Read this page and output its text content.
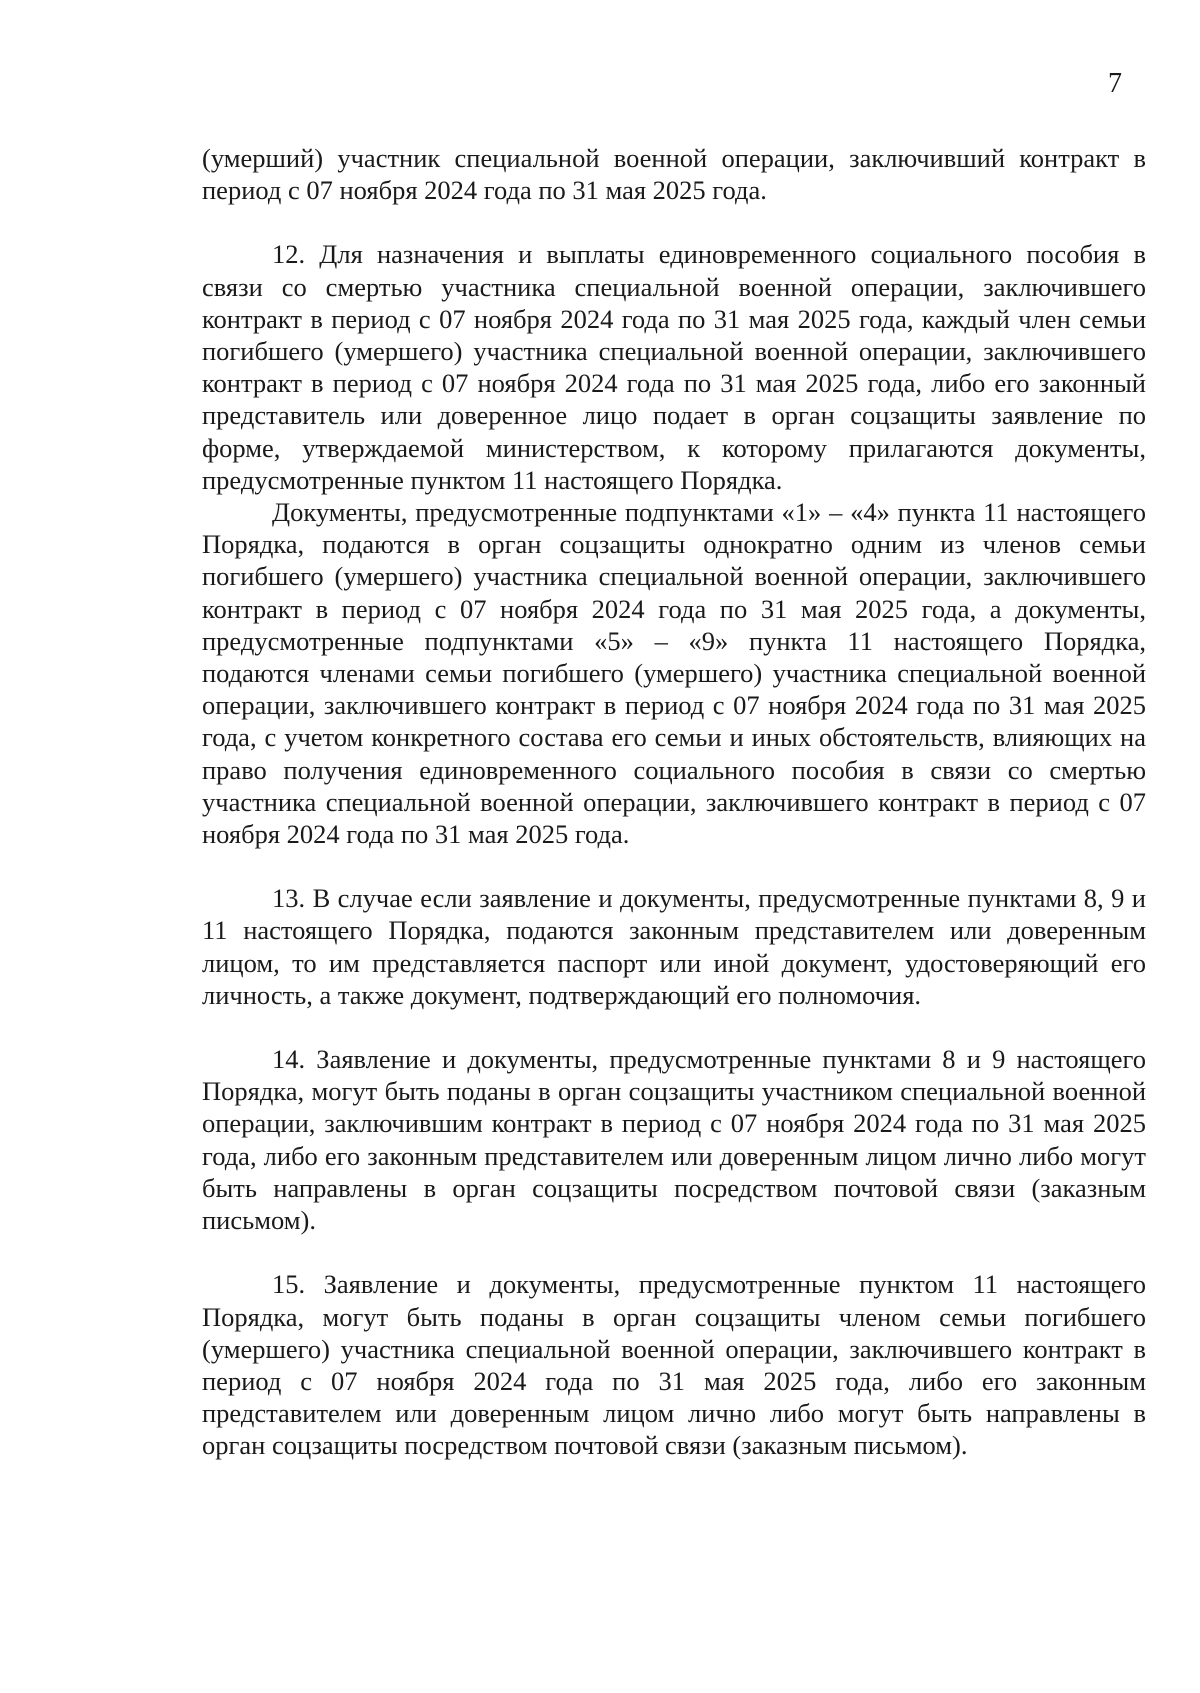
7

(умерший) участник специальной военной операции, заключивший контракт в период с 07 ноября 2024 года по 31 мая 2025 года.

12. Для назначения и выплаты единовременного социального пособия в связи со смертью участника специальной военной операции, заключившего контракт в период с 07 ноября 2024 года по 31 мая 2025 года, каждый член семьи погибшего (умершего) участника специальной военной операции, заключившего контракт в период с 07 ноября 2024 года по 31 мая 2025 года, либо его законный представитель или доверенное лицо подает в орган соцзащиты заявление по форме, утверждаемой министерством, к которому прилагаются документы, предусмотренные пунктом 11 настоящего Порядка.

Документы, предусмотренные подпунктами «1» – «4» пункта 11 настоящего Порядка, подаются в орган соцзащиты однократно одним из членов семьи погибшего (умершего) участника специальной военной операции, заключившего контракт в период с 07 ноября 2024 года по 31 мая 2025 года, а документы, предусмотренные подпунктами «5» – «9» пункта 11 настоящего Порядка, подаются членами семьи погибшего (умершего) участника специальной военной операции, заключившего контракт в период с 07 ноября 2024 года по 31 мая 2025 года, с учетом конкретного состава его семьи и иных обстоятельств, влияющих на право получения единовременного социального пособия в связи со смертью участника специальной военной операции, заключившего контракт в период с 07 ноября 2024 года по 31 мая 2025 года.

13. В случае если заявление и документы, предусмотренные пунктами 8, 9 и 11 настоящего Порядка, подаются законным представителем или доверенным лицом, то им представляется паспорт или иной документ, удостоверяющий его личность, а также документ, подтверждающий его полномочия.

14. Заявление и документы, предусмотренные пунктами 8 и 9 настоящего Порядка, могут быть поданы в орган соцзащиты участником специальной военной операции, заключившим контракт в период с 07 ноября 2024 года по 31 мая 2025 года, либо его законным представителем или доверенным лицом лично либо могут быть направлены в орган соцзащиты посредством почтовой связи (заказным письмом).

15. Заявление и документы, предусмотренные пунктом 11 настоящего Порядка, могут быть поданы в орган соцзащиты членом семьи погибшего (умершего) участника специальной военной операции, заключившего контракт в период с 07 ноября 2024 года по 31 мая 2025 года, либо его законным представителем или доверенным лицом лично либо могут быть направлены в орган соцзащиты посредством почтовой связи (заказным письмом).
